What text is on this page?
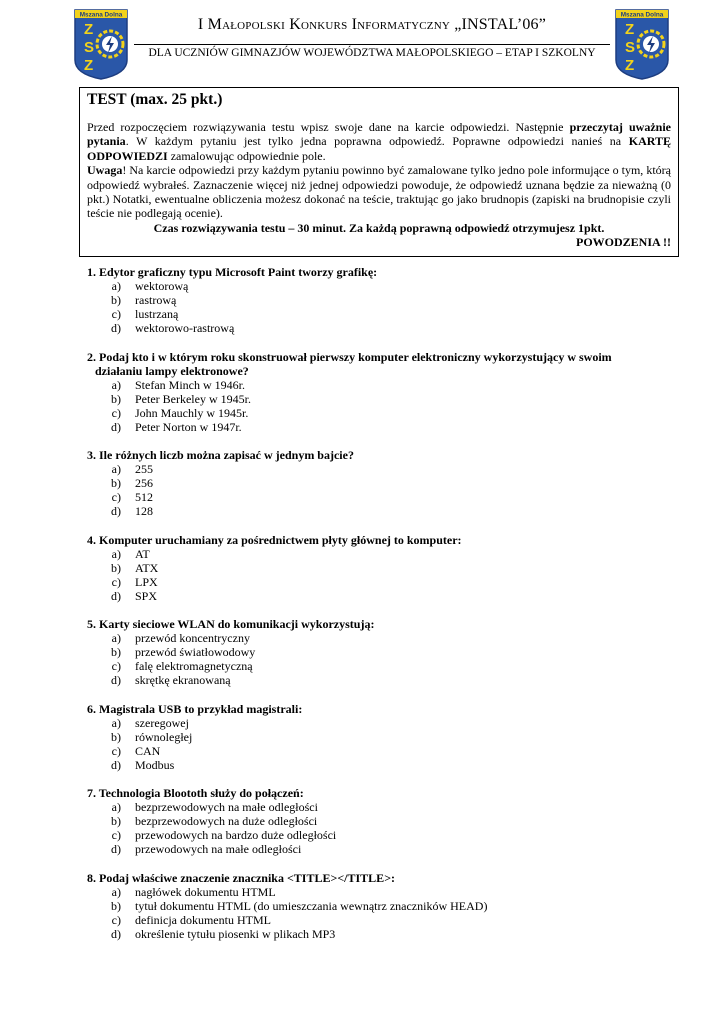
Mszana Dolna
Z
S
Z
Mszana Dolna
Z
S
Z
I Małopolski Konkurs Informatyczny „INSTAL’06”
DLA UCZNIÓW GIMNAZJÓW WOJEWÓDZTWA MAŁOPOLSKIEGO – ETAP I SZKOLNY
TEST (max. 25 pkt.)

Przed rozpoczęciem rozwiązywania testu wpisz swoje dane na karcie odpowiedzi. Następnie przeczytaj uważnie pytania. W każdym pytaniu jest tylko jedna poprawna odpowiedź. Poprawne odpowiedzi nanieś na KARTĘ ODPOWIEDZI zamalowując odpowiednie pole.

Uwaga! Na karcie odpowiedzi przy każdym pytaniu powinno być zamalowane tylko jedno pole informujące o tym, którą odpowiedź wybrałeś. Zaznaczenie więcej niż jednej odpowiedzi powoduje, że odpowiedź uznana będzie za nieważną (0 pkt.) Notatki, ewentualne obliczenia możesz dokonać na teście, traktując go jako brudnopis (zapiski na brudnopisie czyli teście nie podlegają ocenie).

Czas rozwiązywania testu – 30 minut. Za każdą poprawną odpowiedź otrzymujesz 1pkt.

POWODZENIA !!

1. Edytor graficzny typu Microsoft Paint tworzy grafikę:
a)	wektorową
b)	rastrową
c)	lustrzaną
d)	wektorowo-rastrową
2. Podaj kto i w którym roku skonstruował pierwszy komputer elektroniczny wykorzystujący w swoim
działaniu lampy elektronowe?
a)	Stefan Minch w 1946r.
b)	Peter Berkeley w 1945r.
c)	John Mauchly w 1945r.
d)	Peter Norton w 1947r.
3. Ile różnych liczb można zapisać w jednym bajcie?
a)	255
b)	256
c)	512
d)	128
4. Komputer uruchamiany za pośrednictwem płyty głównej to komputer:
a)	AT
b)	ATX
c)	LPX
d)	SPX
5. Karty sieciowe WLAN do komunikacji wykorzystują:
a)	przewód koncentryczny
b)	przewód światłowodowy
c)	falę elektromagnetyczną
d)	skrętkę ekranowaną
6. Magistrala USB to przykład magistrali:
a)	szeregowej
b)	równoległej
c)	CAN
d)	Modbus
7. Technologia Bloototh służy do połączeń:
a)	bezprzewodowych na małe odległości
b)	bezprzewodowych na duże odległości
c)	przewodowych na bardzo duże odległości
d)	przewodowych na małe odległości
8. Podaj właściwe znaczenie znacznika <TITLE></TITLE>:
a)	nagłówek dokumentu HTML
b)	tytuł dokumentu HTML (do umieszczania wewnątrz znaczników HEAD)
c)	definicja dokumentu HTML
d)	określenie tytułu piosenki w plikach MP3
